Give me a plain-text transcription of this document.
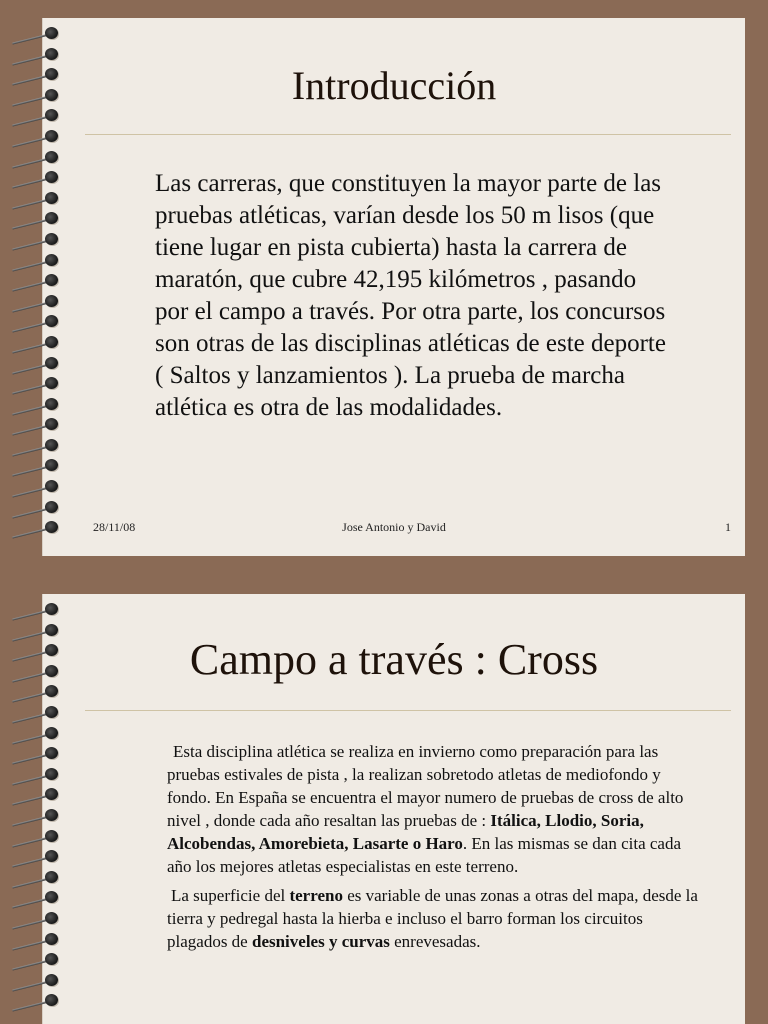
Introducción
Las carreras, que constituyen la mayor parte de las pruebas atléticas, varían desde los 50 m lisos (que tiene lugar en pista cubierta) hasta la carrera de maratón, que cubre 42,195 kilómetros , pasando por el campo a través. Por otra parte, los concursos son otras de las disciplinas atléticas de este deporte ( Saltos y lanzamientos ). La prueba de marcha atlética es otra de las modalidades.
28/11/08	Jose Antonio y David	1
Campo a través : Cross

Esta disciplina atlética se realiza en invierno como preparación para las pruebas estivales de pista , la realizan sobretodo atletas de mediofondo y fondo. En España se encuentra el mayor numero de pruebas de cross de alto nivel , donde cada año resaltan las pruebas de : Itálica, Llodio, Soria, Alcobendas, Amorebieta, Lasarte o Haro. En las mismas se dan cita cada año los mejores atletas especialistas en este terreno.

La superficie del terreno es variable de unas zonas a otras del mapa, desde la tierra y pedregal hasta la hierba e incluso el barro forman los circuitos plagados de desniveles y curvas enrevesadas.
